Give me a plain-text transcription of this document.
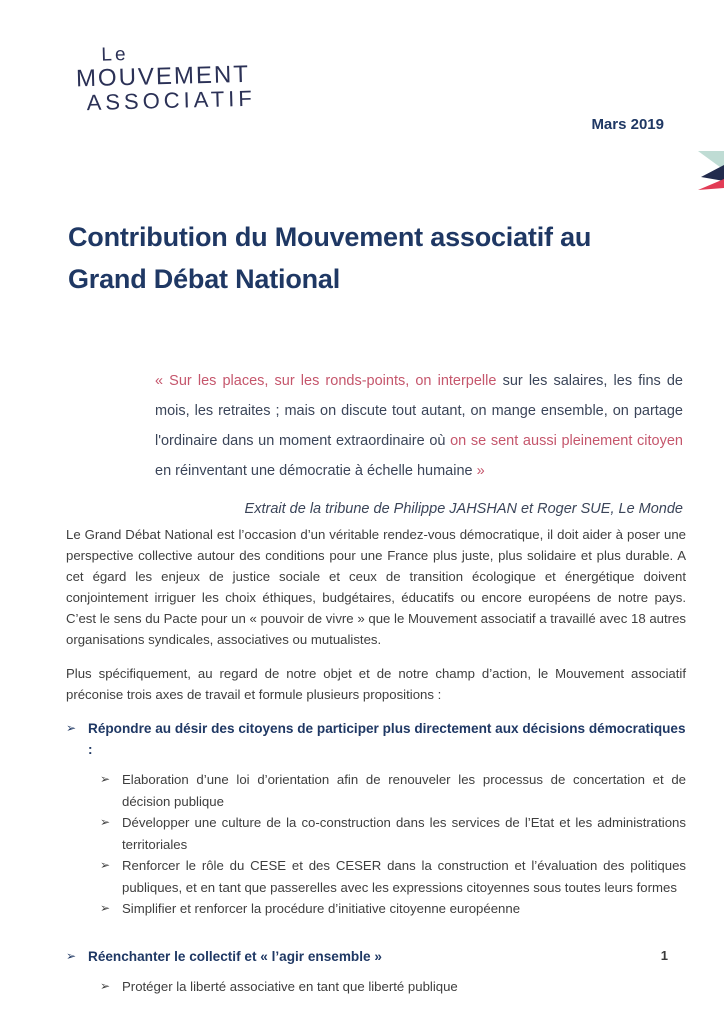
Le
MOUVEMENT
ASSOCIATIF
Mars 2019
Contribution du Mouvement associatif au
Grand Débat National
« Sur les places, sur les ronds-points, on interpelle sur les salaires, les fins de mois, les retraites ; mais on discute tout autant, on mange ensemble, on partage l'ordinaire dans un moment extraordinaire où on se sent aussi pleinement citoyen en réinventant une démocratie à échelle humaine »
Extrait de la tribune de Philippe JAHSHAN et Roger SUE, Le Monde

Le Grand Débat National est l’occasion d’un véritable rendez-vous démocratique, il doit aider à poser une perspective collective autour des conditions pour une France plus juste, plus solidaire et plus durable. A cet égard les enjeux de justice sociale et ceux de transition écologique et énergétique doivent conjointement irriguer les choix éthiques, budgétaires, éducatifs ou encore européens de notre pays. C’est le sens du Pacte pour un « pouvoir de vivre » que le Mouvement associatif a travaillé avec 18 autres organisations syndicales, associatives ou mutualistes.

Plus spécifiquement, au regard de notre objet et de notre champ d’action, le Mouvement associatif préconise trois axes de travail et formule plusieurs propositions :

➢ Répondre au désir des citoyens de participer plus directement aux décisions démocratiques :
➢ Elaboration d’une loi d’orientation afin de renouveler les processus de concertation et de décision publique
➢ Développer une culture de la co-construction dans les services de l’Etat et les administrations territoriales
➢ Renforcer le rôle du CESE et des CESER dans la construction et l’évaluation des politiques publiques, et en tant que passerelles avec les expressions citoyennes sous toutes leurs formes
➢ Simplifier et renforcer la procédure d’initiative citoyenne européenne
➢ Réenchanter le collectif et « l’agir ensemble »
➢ Protéger la liberté associative en tant que liberté publique
1
